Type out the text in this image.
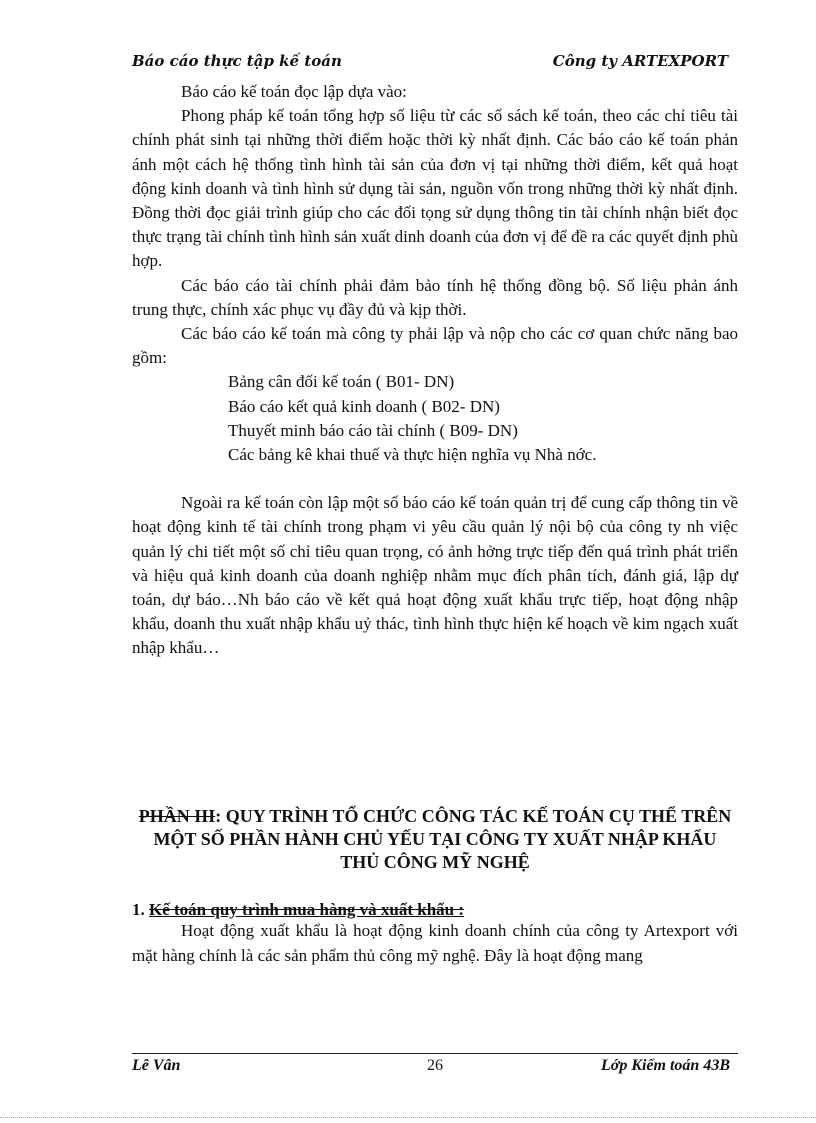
Báo cáo thực tập kế toán	Công ty ARTEXPORT

Báo cáo kế toán đọc lập dựa vào:

Phong pháp kế toán tổng hợp số liệu từ các sổ sách kế toán, theo các chỉ tiêu tài chính phát sinh tại những thời điểm hoặc thời kỳ nhất định. Các báo cáo kế toán phản ánh một cách hệ thống tình hình tài sản của đơn vị tại những thời điểm, kết quả hoạt động kinh doanh và tình hình sử dụng tài sản, nguồn vốn trong những thời kỳ nhất định. Đồng thời đọc giải trình giúp cho các đối tọng sử dụng thông tin tài chính nhận biết đọc thực trạng tài chính tình hình sản xuất dinh doanh của đơn vị để đề ra các quyết định phù hợp.

Các báo cáo tài chính phải đảm bảo tính hệ thống đồng bộ. Số liệu phản ánh trung thực, chính xác phục vụ đầy đủ và kịp thời.

Các báo cáo kế toán mà công ty phải lập và nộp cho các cơ quan chức năng bao gồm:

Bảng cân đối kế toán ( B01- DN)
Báo cáo kết quả kinh doanh ( B02- DN)
Thuyết minh báo cáo tài chính ( B09- DN)
Các bảng kê khai thuế và thực hiện nghĩa vụ Nhà nớc.

Ngoài ra kế toán còn lập một số báo cáo kế toán quản trị để cung cấp thông tin về hoạt động kinh tế tài chính trong phạm vi yêu cầu quản lý nội bộ của công ty nh việc quản lý chi tiết một số chỉ tiêu quan trọng, có ảnh hởng trực tiếp đến quá trình phát triển và hiệu quả kinh doanh của doanh nghiệp nhằm mục đích phân tích, đánh giá, lập dự toán, dự báo…Nh báo cáo về kết quả hoạt động xuất khẩu trực tiếp, hoạt động nhập khẩu, doanh thu xuất nhập khẩu uỷ thác, tình hình thực hiện kế hoạch về kim ngạch xuất nhập khẩu…

PHẦN III: QUY TRÌNH TỔ CHỨC CÔNG TÁC KẾ TOÁN CỤ THỂ TRÊN MỘT SỐ PHẦN HÀNH CHỦ YẾU TẠI CÔNG TY XUẤT NHẬP KHẨU THỦ CÔNG MỸ NGHỆ
1. Kế toán quy trình mua hàng và xuất khẩu :

Hoạt động xuất khẩu là hoạt động kinh doanh chính của công ty Artexport với mặt hàng chính là các sản phẩm thủ công mỹ nghệ. Đây là hoạt động mang

Lê Vân	26	Lớp Kiểm toán 43B
